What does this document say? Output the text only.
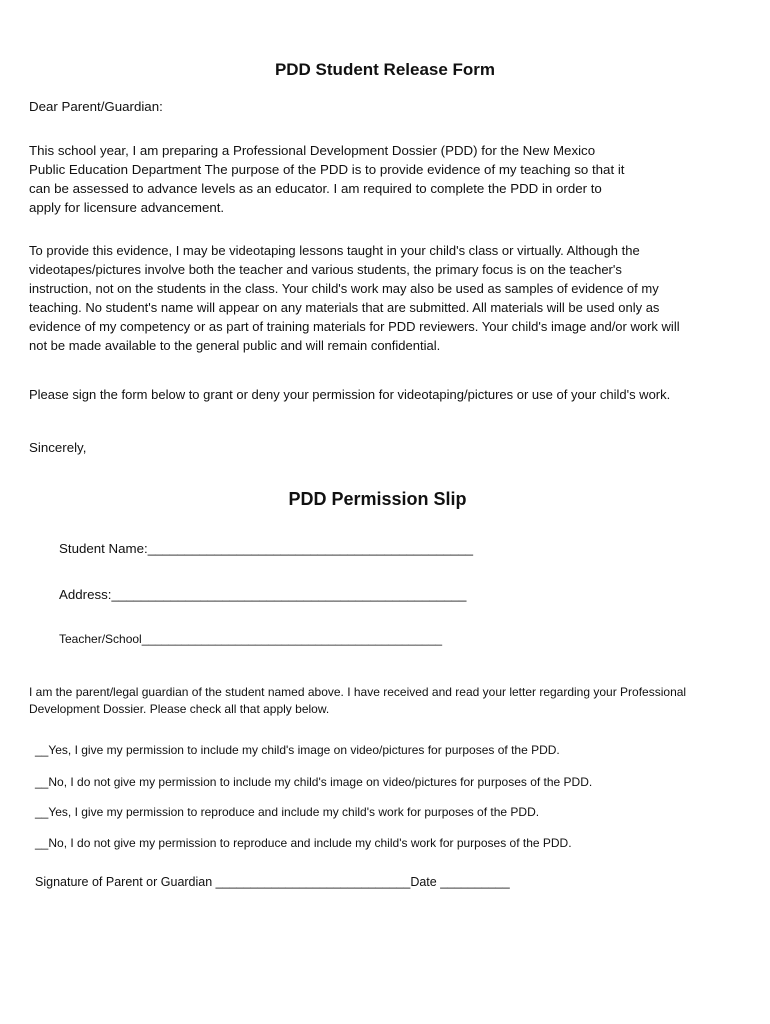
PDD Student Release Form
Dear Parent/Guardian:
This school year, I am preparing a Professional Development Dossier (PDD) for the New Mexico
Public Education Department The purpose of the PDD is to provide evidence of my teaching so that it
can be assessed to advance levels as an educator. I am required to complete the PDD in order to
apply for licensure advancement.
To provide this evidence, I may be videotaping lessons taught in your child's class or virtually. Although the
videotapes/pictures involve both the teacher and various students, the primary focus is on the teacher's
instruction, not on the students in the class. Your child's work may also be used as samples of evidence of my
teaching. No student's name will appear on any materials that are submitted. All materials will be used only as
evidence of my competency or as part of training materials for PDD reviewers. Your child's image and/or work will
not be made available to the general public and will remain confidential.
Please sign the form below to grant or deny your permission for videotaping/pictures or use of your child's work.
Sincerely,
PDD Permission Slip
Student Name:____________________________________________
Address:________________________________________________
Teacher/School_____________________________________________
I am the parent/legal guardian of the student named above. I have received and read your letter regarding your Professional
Development Dossier. Please check all that apply below.
__Yes, I give my permission to include my child's image on video/pictures for purposes of the PDD.
__No, I do not give my permission to include my child's image on video/pictures for purposes of the PDD.
__Yes, I give my permission to reproduce and include my child's work for purposes of the PDD.
__No, I do not give my permission to reproduce and include my child's work for purposes of the PDD.
Signature of Parent or Guardian ____________________________Date __________
